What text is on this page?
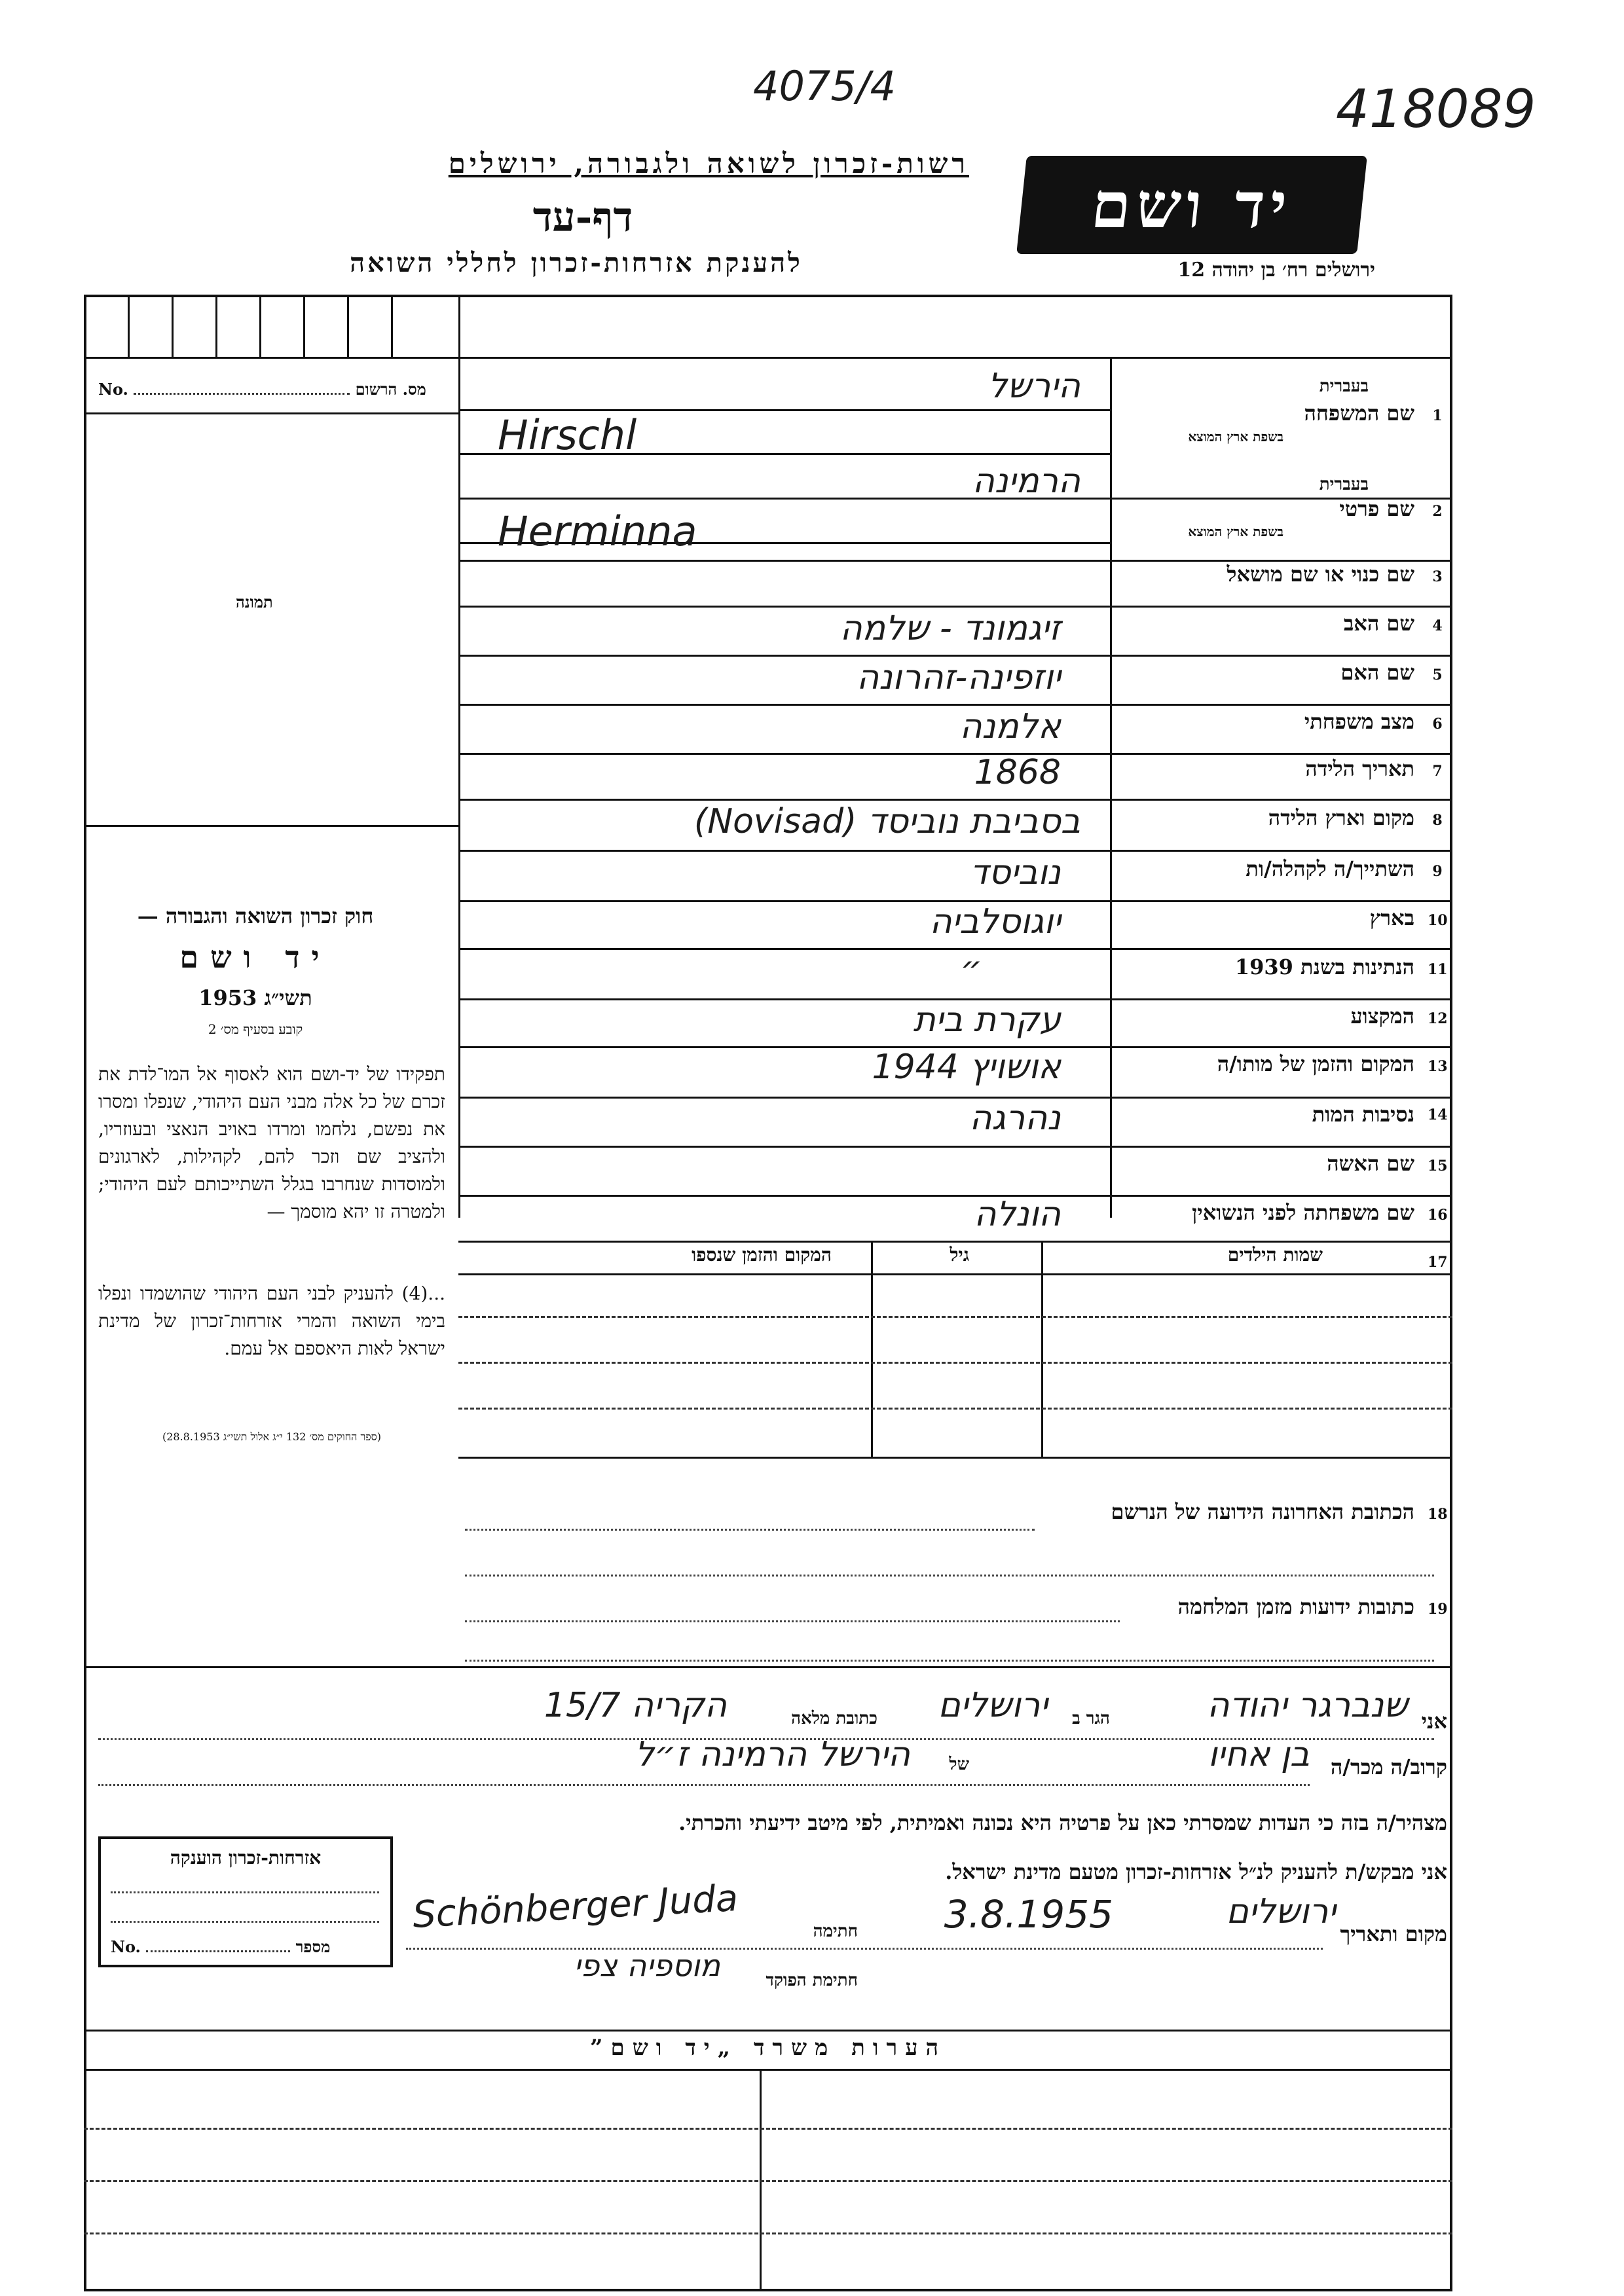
4075/4	418089
רשות-זכרון לשואה ולגבורה, ירושלים
דף-עד
להענקת אזרחות-זכרון לחללי השואה
יד ושם
ירושלים רח׳ בן יהודה 12
No.	מס. הרשום
תמונה
חוק זכרון השואה והגבורה —
יד ושם
תשי״ג 1953
קובע בסעיף מס׳ 2
תפקידו של יד-ושם הוא לאסוף אל המו־לדת את זכרם של כל אלה מבני העם היהודי, שנפלו ומסרו את נפשם, נלחמו ומרדו באויב הנאצי ובעוזריו, ולהציב שם וזכר להם, לקהילות, לארגונים ולמוסדות שנחרבו בגלל השתייכותם לעם היהודי; ולמטרה זו יהא מוסמך —
...(4) להעניק לבני העם היהודי שהושמדו ונפלו בימי השואה והמרי אזרחות־זכרון של מדינת ישראל לאות היאספם אל עמם.
(ספר החוקים מס׳ 132 י״ג אלול תשי״ג 28.8.1953)
1
שם המשפחה
בעברית
בשפת ארץ המוצא
הירשל
Hirschl
2
שם פרטי
בעברית
בשפת ארץ המוצא
הרמינה
Herminna
3
שם כנוי או שם מושאל
4
שם האב
זיגמונד - שלמה
5
שם האם
יוזפינה-זהרונה
6
מצב משפחתי
אלמנה
7
תאריך הלידה
1868
8
מקום וארץ הלידה
בסביבת נוביסד (Novisad)
9
השתייך/ה לקהלה/ות
נוביסד
10
בארץ
יוגוסלביה
11
הנתינות בשנת 1939
״
12
המקצוע
עקרת בית
13
המקום והזמן של מותו/ה
אושויץ 1944
14
נסיבות המות
נהרגה
15
שם האשה
16
שם משפחתה לפני הנשואין
הונלה
17
שמות הילדים
גיל
המקום והזמן שנספו
18
הכתובת האחרונה הידועה של הנרשם
19
כתובות ידועות מזמן המלחמה
אני
שנברגר יהודה
הגר ב
ירושלים
כתובת מלאה
הקריה 15/7
קרוב/ה מכר/ה
בן אחיו
של
הירשל הרמינה ז״ל
מצהיר/ה בזה כי העדות שמסרתי כאן על פרטיה היא נכונה ואמיתית, לפי מיטב ידיעתי והכרתי.
אני מבקש/ת להעניק לנ״ל אזרחות-זכרון מטעם מדינת ישראל.
מקום ותאריך
ירושלים
3.8.1955
חתימה
Schönberger Juda
חתימת הפוקד
מוספיה צפי
אזרחות-זכרון הוענקה
No.	מספר
הערות משרד „יד ושם”
